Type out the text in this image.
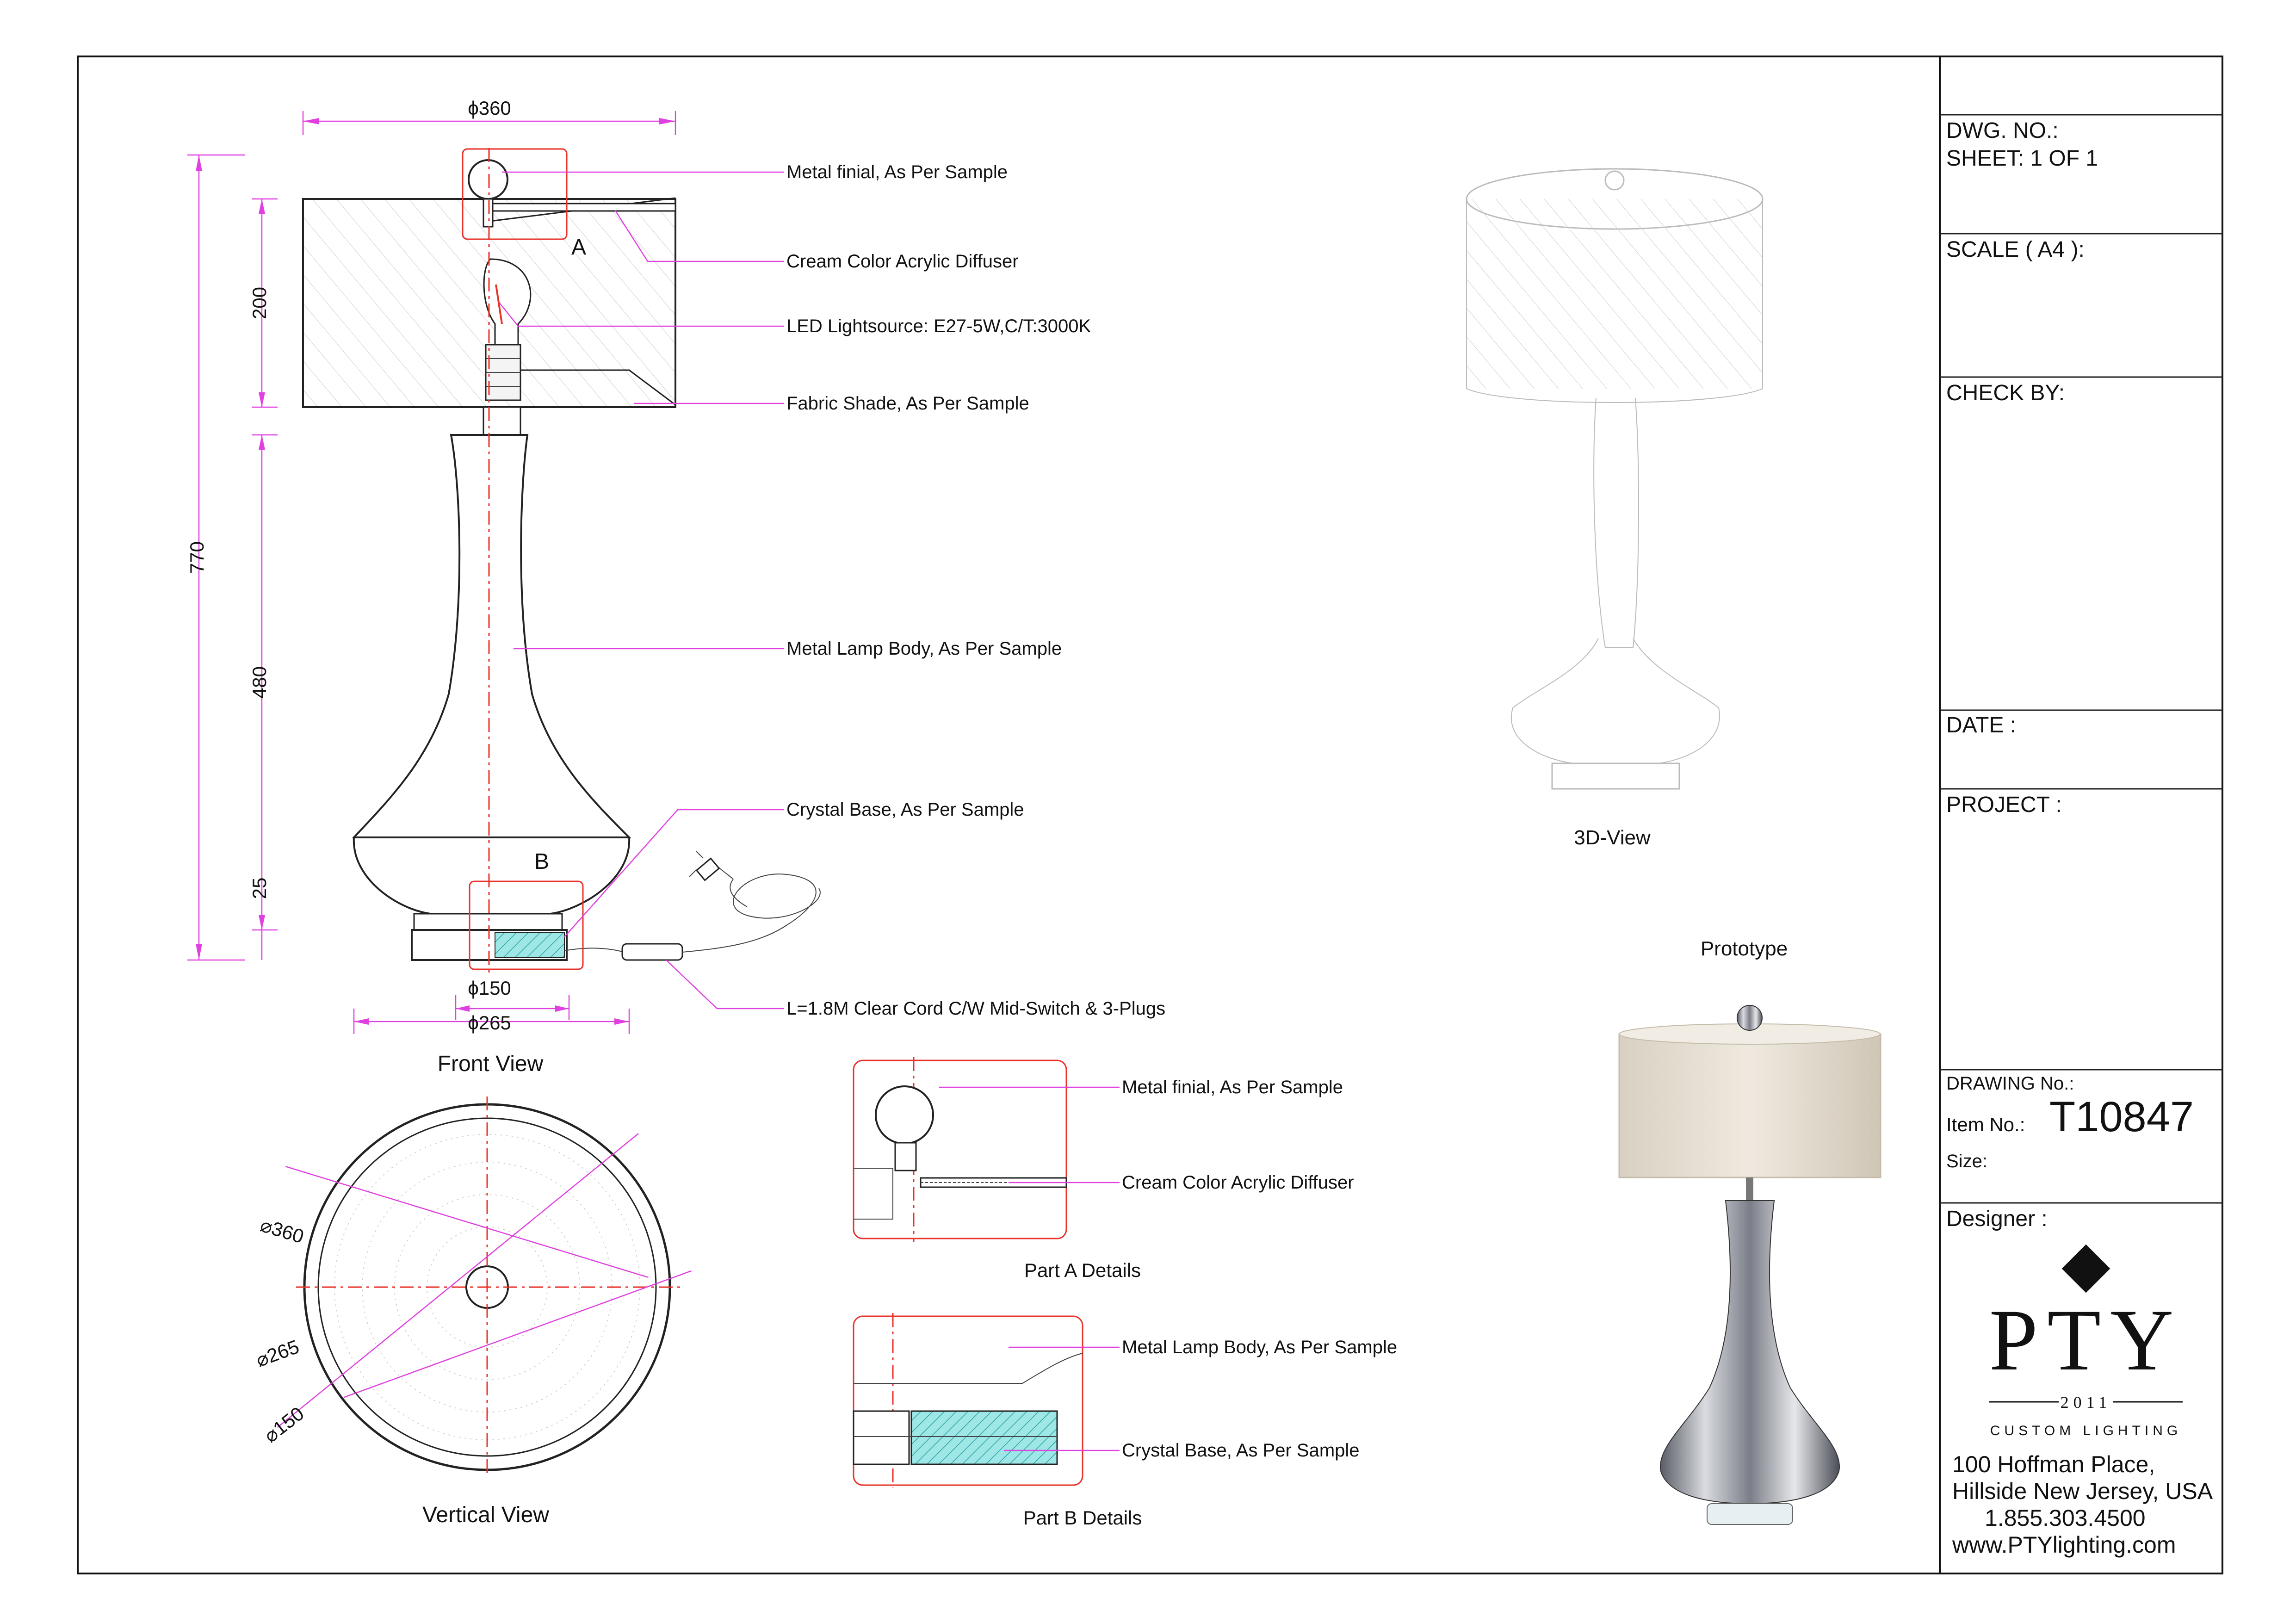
DWG. NO.:
SHEET: 1 OF 1
SCALE ( A4 ):
CHECK BY:
DATE :
PROJECT :
DRAWING No.:
Item No.: T10847
Size:
Designer :
PTY
2011
CUSTOM LIGHTING
100 Hoffman Place,
Hillside New Jersey, USA
1.855.303.4500
www.PTYlighting.com
A
B
ϕ360
770
200
480
25
ϕ150
ϕ265
Front View
Metal finial, As Per Sample
Cream Color Acrylic Diffuser
LED Lightsource: E27-5W,C/T:3000K
Fabric Shade, As Per Sample
Metal Lamp Body, As Per Sample
Crystal Base, As Per Sample
L=1.8M Clear Cord C/W Mid-Switch & 3-Plugs
⌀360
⌀265
⌀150
Vertical View
Metal finial, As Per Sample
Cream Color Acrylic Diffuser
Part A Details
Metal Lamp Body, As Per Sample
Crystal Base, As Per Sample
Part B Details
3D-View
Prototype
